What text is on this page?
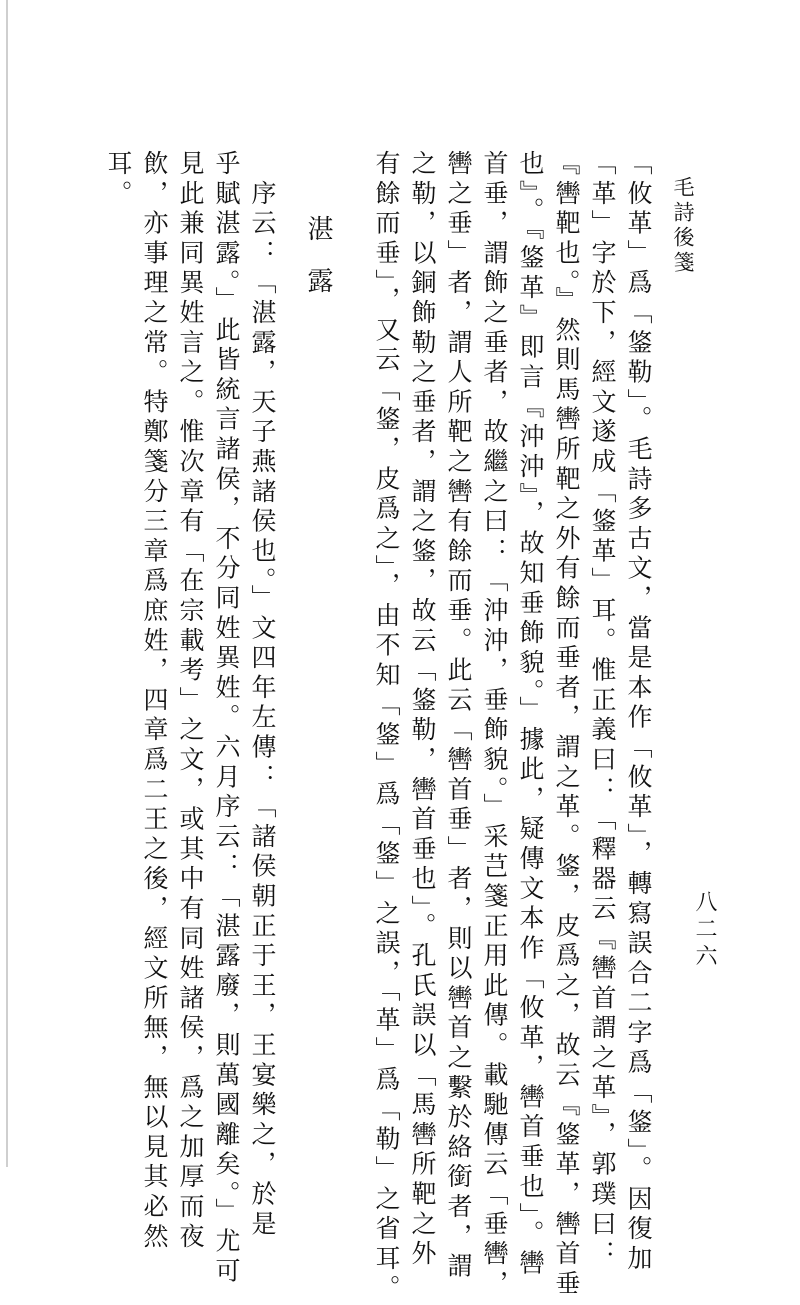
毛詩後箋
八二六
「攸革」爲「鋚勒」。毛詩多古文，當是本作「攸革」，轉寫誤合二字爲「鋚」。因復加
「革」字於下，經文遂成「鋚革」耳。惟正義曰：「釋器云『轡首謂之革』，郭璞曰：
『轡靶也。』然則馬轡所靶之外有餘而垂者，謂之革。鋚，皮爲之，故云『鋚革，轡首垂
也』。『鋚革』即言『沖沖』，故知垂飾貌。」據此，疑傳文本作「攸革，轡首垂也」。轡
首垂，謂飾之垂者，故繼之曰：「沖沖，垂飾貌。」采芑箋正用此傳。載馳傳云「垂轡，
轡之垂」者，謂人所靶之轡有餘而垂。此云「轡首垂」者，則以轡首之繫於絡銜者，謂
之勒，以銅飾勒之垂者，謂之鋚，故云「鋚勒，轡首垂也」。孔氏誤以「馬轡所靶之外
有餘而垂」，又云「鋚，皮爲之」，由不知「鋚」爲「鋚」之誤，「革」爲「勒」之省耳。
湛露
　序云：「湛露，天子燕諸侯也。」文四年左傳：「諸侯朝正于王，王宴樂之，於是
乎賦湛露。」此皆統言諸侯，不分同姓異姓。六月序云：「湛露廢，則萬國離矣。」尤可
見此兼同異姓言之。惟次章有「在宗載考」之文，或其中有同姓諸侯，爲之加厚而夜
飲，亦事理之常。特鄭箋分三章爲庶姓，四章爲二王之後，經文所無，無以見其必然
耳。
